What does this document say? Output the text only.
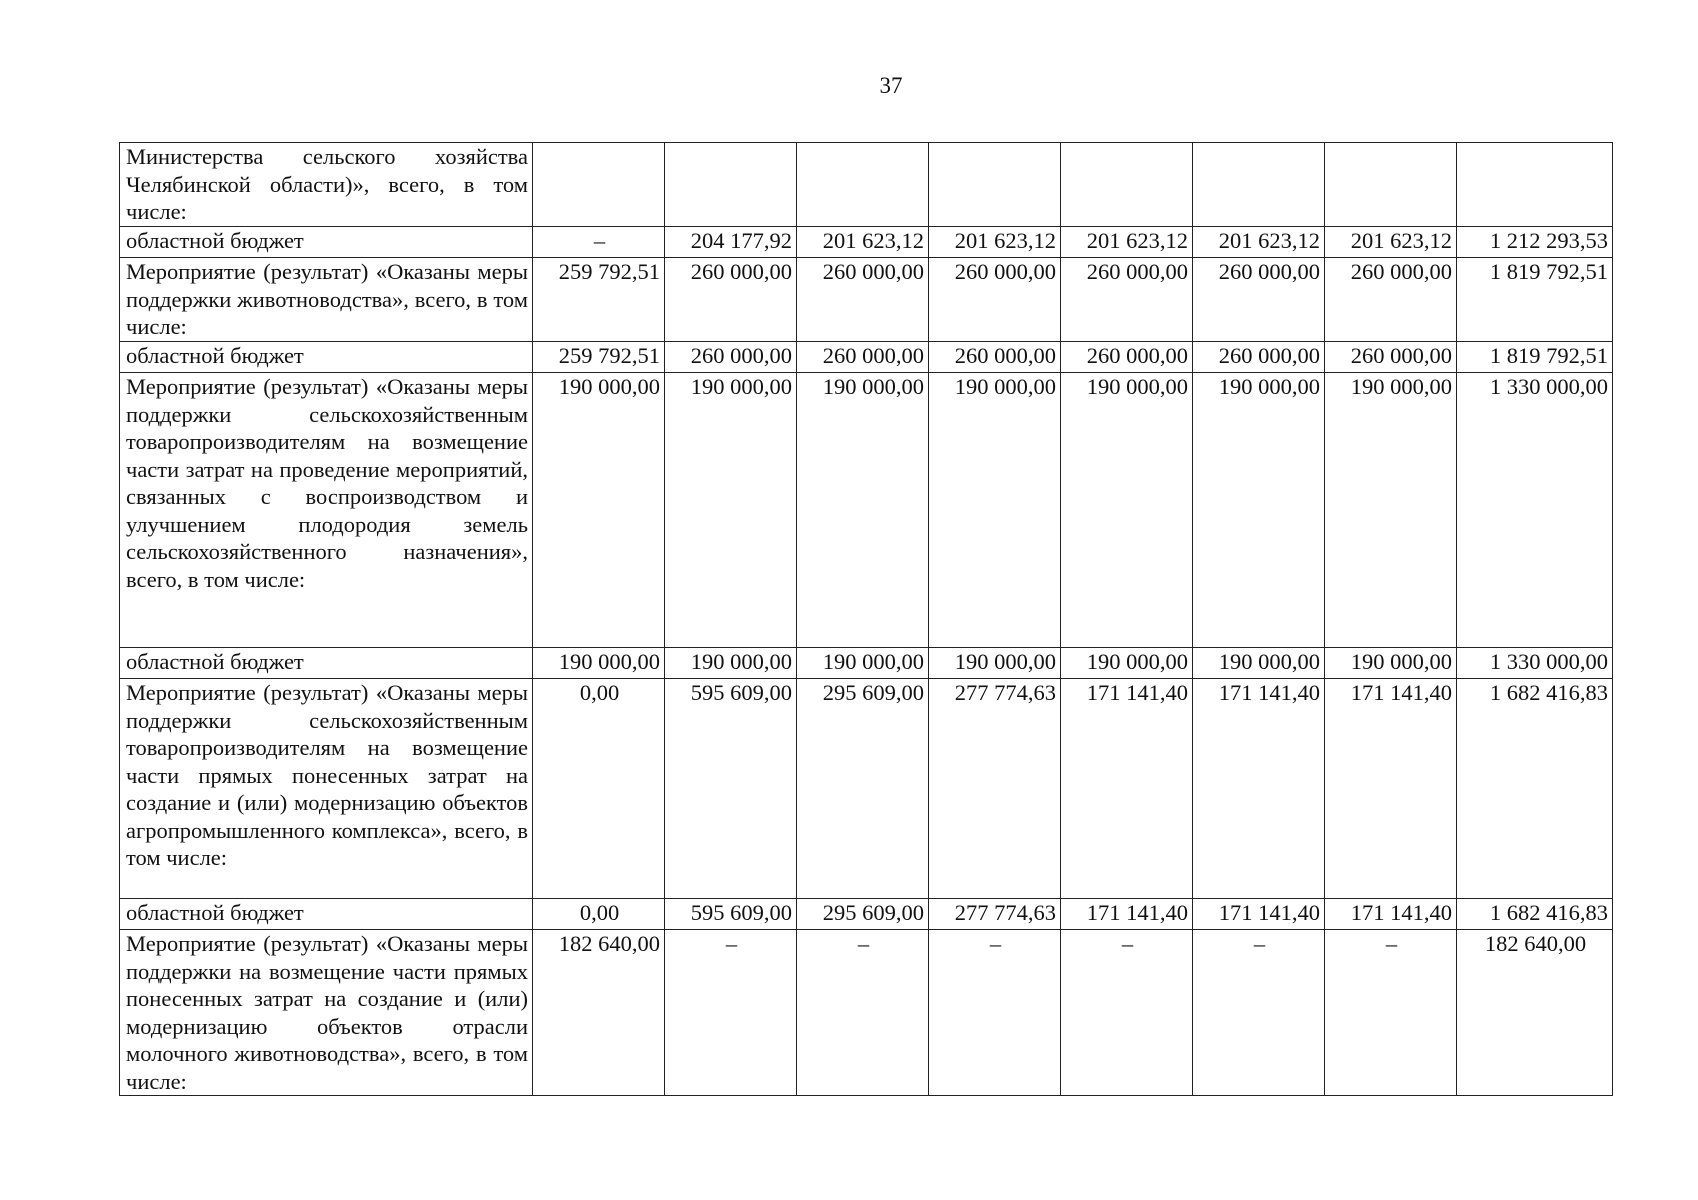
37
Министерства сельского хозяйства Челябинской области)», всего, в том числе:								
областной бюджет	–	204 177,92	201 623,12	201 623,12	201 623,12	201 623,12	201 623,12	1 212 293,53
Мероприятие (результат) «Оказаны меры поддержки животноводства», всего, в том числе:	259 792,51	260 000,00	260 000,00	260 000,00	260 000,00	260 000,00	260 000,00	1 819 792,51
областной бюджет	259 792,51	260 000,00	260 000,00	260 000,00	260 000,00	260 000,00	260 000,00	1 819 792,51
Мероприятие (результат) «Оказаны меры поддержки сельскохозяйственным товаропроизводителям на возмещение части затрат на проведение мероприятий, связанных с воспроизводством и улучшением плодородия земель сельскохозяйственного назначения», всего, в том числе:	190 000,00	190 000,00	190 000,00	190 000,00	190 000,00	190 000,00	190 000,00	1 330 000,00
областной бюджет	190 000,00	190 000,00	190 000,00	190 000,00	190 000,00	190 000,00	190 000,00	1 330 000,00
Мероприятие (результат) «Оказаны меры поддержки сельскохозяйственным товаропроизводителям на возмещение части прямых понесенных затрат на создание и (или) модернизацию объектов агропромышленного комплекса», всего, в том числе:	0,00	595 609,00	295 609,00	277 774,63	171 141,40	171 141,40	171 141,40	1 682 416,83
областной бюджет	0,00	595 609,00	295 609,00	277 774,63	171 141,40	171 141,40	171 141,40	1 682 416,83
Мероприятие (результат) «Оказаны меры поддержки на возмещение части прямых понесенных затрат на создание и (или) модернизацию объектов отрасли молочного животноводства», всего, в том числе:	182 640,00	–	–	–	–	–	–	182 640,00
